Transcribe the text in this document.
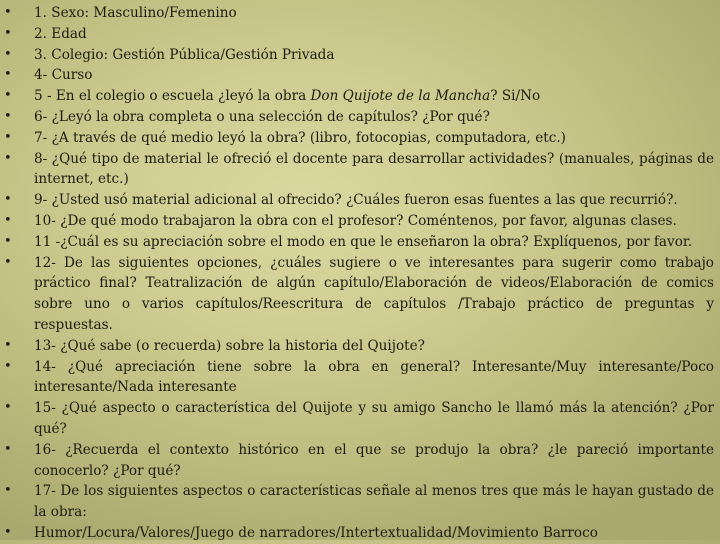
• 1. Sexo: Masculino/Femenino
• 2. Edad
• 3. Colegio: Gestión Pública/Gestión Privada
• 4- Curso
• 5 - En el colegio o escuela ¿leyó la obra Don Quijote de la Mancha? Si/No
• 6- ¿Leyó la obra completa o una selección de capítulos? ¿Por qué?
• 7- ¿A través de qué medio leyó la obra? (libro, fotocopias, computadora, etc.)
• 8- ¿Qué tipo de material le ofreció el docente para desarrollar actividades? (manuales, páginas de internet, etc.)
• 9- ¿Usted usó material adicional al ofrecido? ¿Cuáles fueron esas fuentes a las que recurrió?.
• 10- ¿De qué modo trabajaron la obra con el profesor? Coméntenos, por favor, algunas clases.
• 11 -¿Cuál es su apreciación sobre el modo en que le enseñaron la obra? Explíquenos, por favor.
• 12- De las siguientes opciones, ¿cuáles sugiere o ve interesantes para sugerir como trabajo práctico final? Teatralización de algún capítulo/Elaboración de videos/Elaboración de comics sobre uno o varios capítulos/Reescritura de capítulos /Trabajo práctico de preguntas y respuestas.
• 13- ¿Qué sabe (o recuerda) sobre la historia del Quijote?
• 14- ¿Qué apreciación tiene sobre la obra en general? Interesante/Muy interesante/Poco interesante/Nada interesante
• 15- ¿Qué aspecto o característica del Quijote y su amigo Sancho le llamó más la atención? ¿Por qué?
• 16- ¿Recuerda el contexto histórico en el que se produjo la obra? ¿le pareció importante conocerlo? ¿Por qué?
• 17- De los siguientes aspectos o características señale al menos tres que más le hayan gustado de la obra:
• Humor/Locura/Valores/Juego de narradores/Intertextualidad/Movimiento Barroco
